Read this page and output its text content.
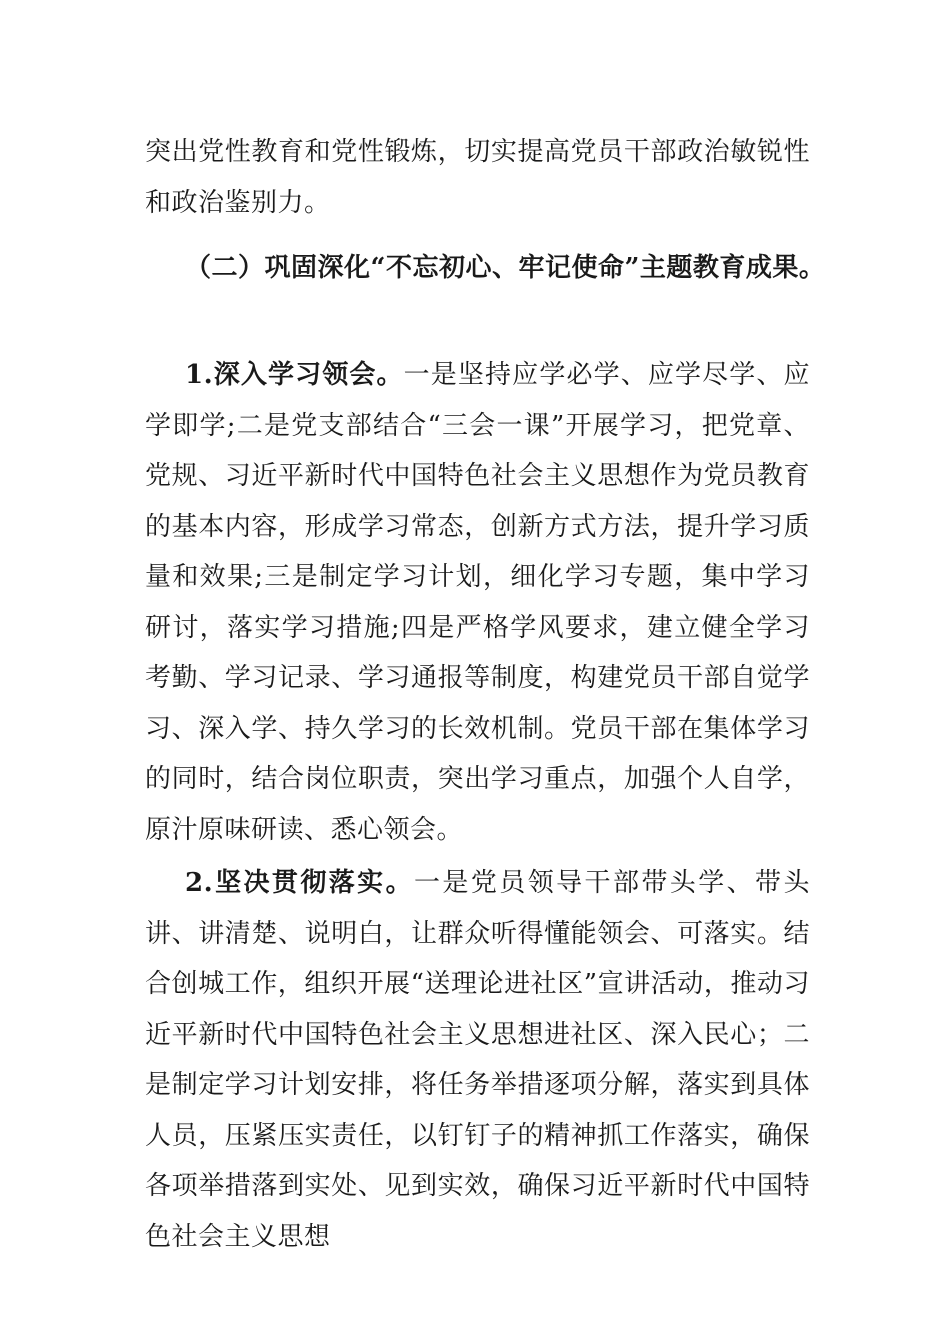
突出党性教育和党性锻炼，切实提高党员干部政治敏锐性和政治鉴别力。

（二）巩固深化“不忘初心、牢记使命”主题教育成果。

1.深入学习领会。一是坚持应学必学、应学尽学、应学即学;二是党支部结合“三会一课”开展学习，把党章、党规、习近平新时代中国特色社会主义思想作为党员教育的基本内容，形成学习常态，创新方式方法，提升学习质量和效果;三是制定学习计划，细化学习专题，集中学习研讨，落实学习措施;四是严格学风要求，建立健全学习考勤、学习记录、学习通报等制度，构建党员干部自觉学习、深入学、持久学习的长效机制。党员干部在集体学习的同时，结合岗位职责，突出学习重点，加强个人自学，原汁原味研读、悉心领会。

2.坚决贯彻落实。一是党员领导干部带头学、带头讲、讲清楚、说明白，让群众听得懂能领会、可落实。结合创城工作，组织开展“送理论进社区”宣讲活动，推动习近平新时代中国特色社会主义思想进社区、深入民心；二是制定学习计划安排，将任务举措逐项分解，落实到具体人员，压紧压实责任，以钉钉子的精神抓工作落实，确保各项举措落到实处、见到实效，确保习近平新时代中国特色社会主义思想
